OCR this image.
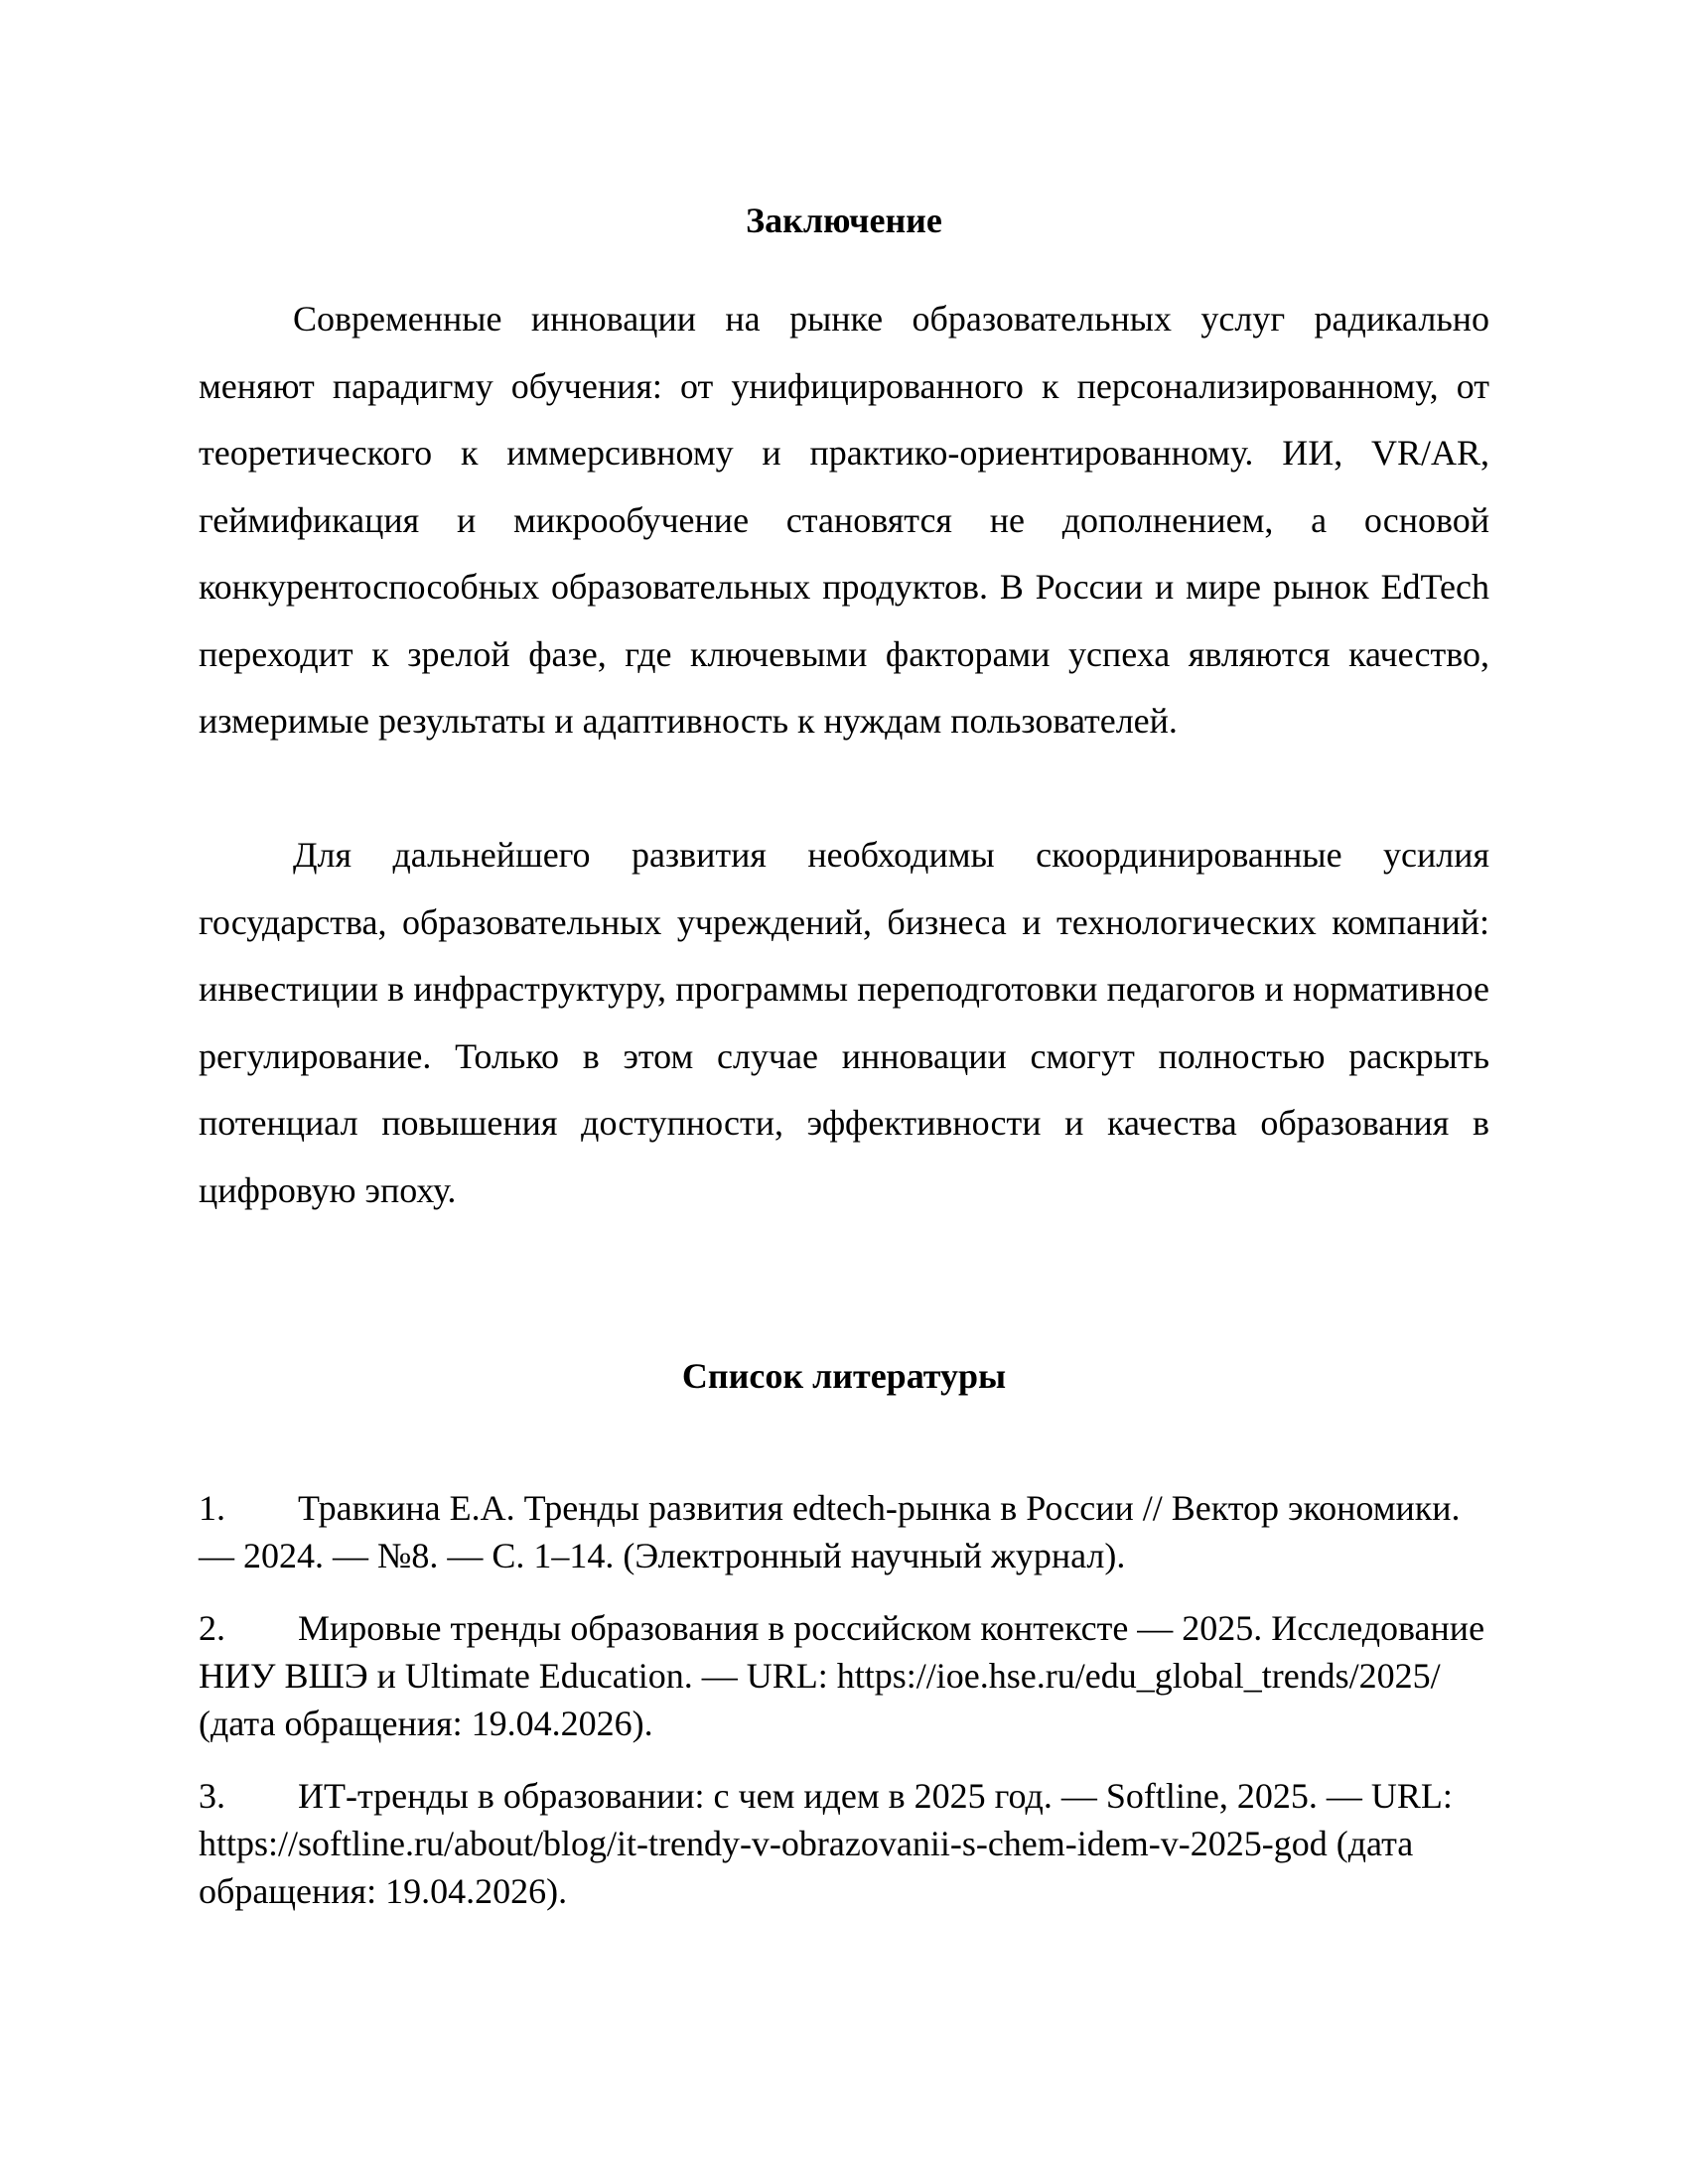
Заключение

Современные инновации на рынке образовательных услуг радикально меняют парадигму обучения: от унифицированного к персонализированному, от теоретического к иммерсивному и практико-ориентированному. ИИ, VR/AR, геймификация и микрообучение становятся не дополнением, а основой конкурентоспособных образовательных продуктов. В России и мире рынок EdTech переходит к зрелой фазе, где ключевыми факторами успеха являются качество, измеримые результаты и адаптивность к нуждам пользователей.

Для дальнейшего развития необходимы скоординированные усилия государства, образовательных учреждений, бизнеса и технологических компаний: инвестиции в инфраструктуру, программы переподготовки педагогов и нормативное регулирование. Только в этом случае инновации смогут полностью раскрыть потенциал повышения доступности, эффективности и качества образования в цифровую эпоху.

Список литературы
1. Травкина Е.А. Тренды развития edtech-рынка в России // Вектор экономики. — 2024. — №8. — С. 1–14. (Электронный научный журнал).
2. Мировые тренды образования в российском контексте — 2025. Исследование НИУ ВШЭ и Ultimate Education. — URL: https://ioe.hse.ru/edu_global_trends/2025/ (дата обращения: 19.04.2026).
3. ИТ-тренды в образовании: с чем идем в 2025 год. — Softline, 2025. — URL: https://softline.ru/about/blog/it-trendy-v-obrazovanii-s-chem-idem-v-2025-god (дата обращения: 19.04.2026).
